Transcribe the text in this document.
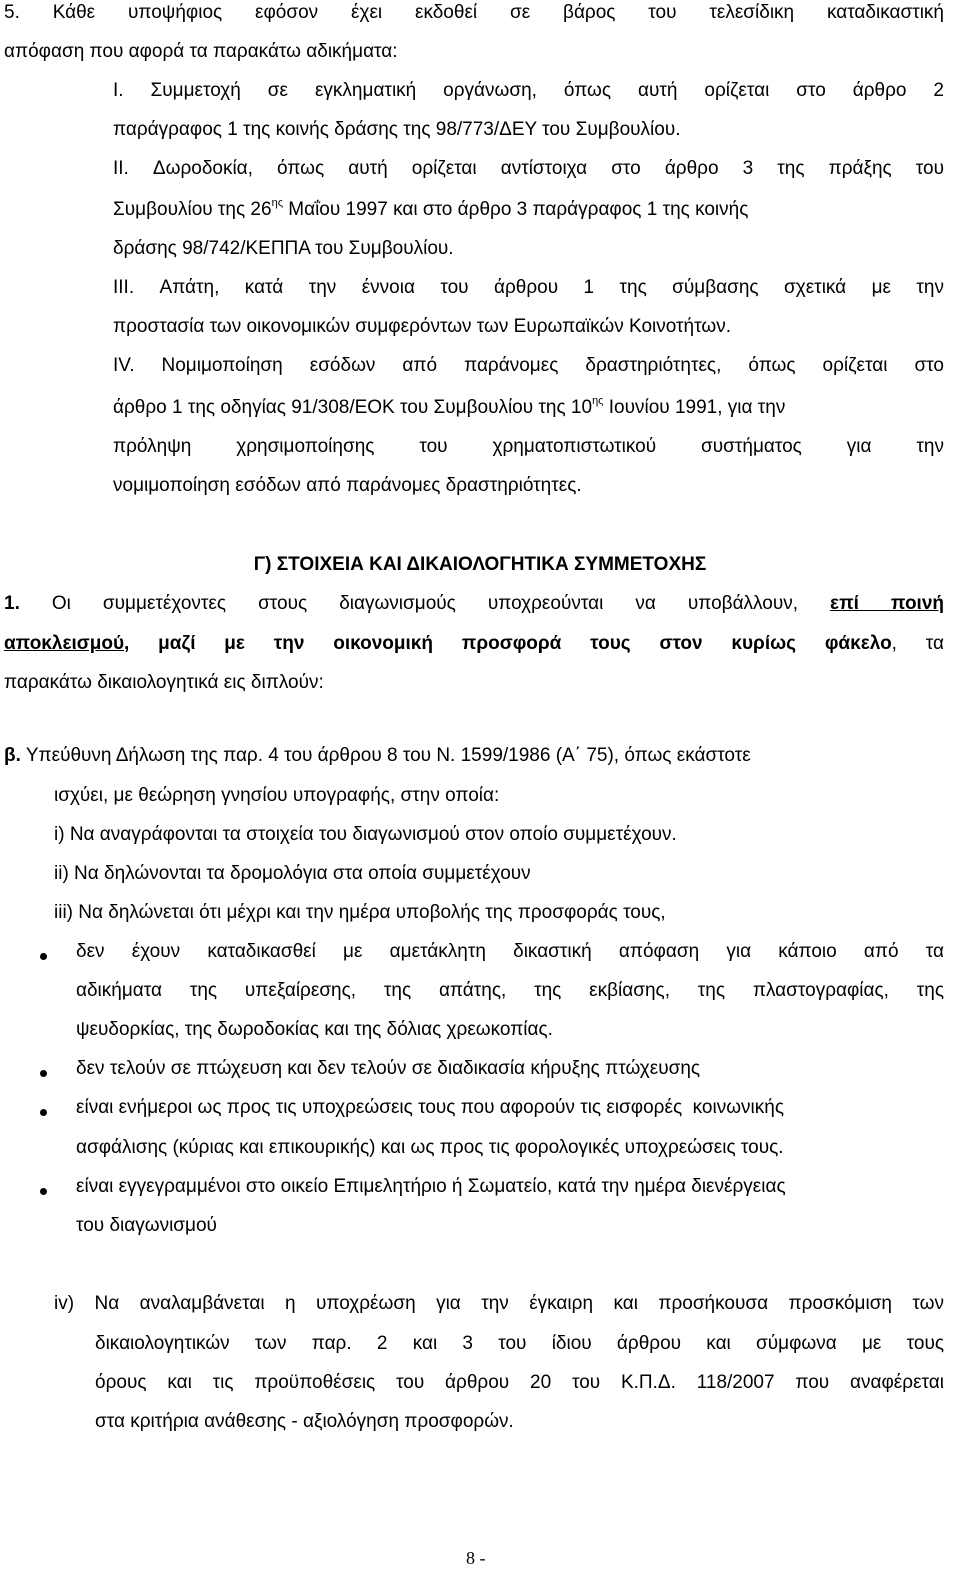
5. Κάθε υποψήφιος εφόσον έχει εκδοθεί σε βάρος του τελεσίδικη καταδικαστική
απόφαση που αφορά τα παρακάτω αδικήματα:
I. Συμμετοχή σε εγκληματική οργάνωση, όπως αυτή ορίζεται στο άρθρο 2
παράγραφος 1 της κοινής δράσης της 98/773/ΔΕΥ του Συμβουλίου.
II. Δωροδοκία, όπως αυτή ορίζεται αντίστοιχα στο άρθρο 3 της πράξης του
Συμβουλίου της $26^{\eta\varsigma}$ Μαΐου 1997 και στο άρθρο 3 παράγραφος 1 της κοινής
δράσης 98/742/ΚΕΠΠΑ του Συμβουλίου.
III. Απάτη, κατά την έννοια του άρθρου 1 της σύμβασης σχετικά με την
προστασία των οικονομικών συμφερόντων των Ευρωπαϊκών Κοινοτήτων.
IV. Νομιμοποίηση εσόδων από παράνομες δραστηριότητες, όπως ορίζεται στο
άρθρο 1 της οδηγίας 91/308/ΕΟΚ του Συμβουλίου της $10^{\eta\varsigma}$ Ιουνίου 1991, για την
πρόληψη χρησιμοποίησης του χρηματοπιστωτικού συστήματος για την
νομιμοποίηση εσόδων από παράνομες δραστηριότητες.
Γ) ΣΤΟΙΧΕΙΑ ΚΑΙ ΔΙΚΑΙΟΛΟΓΗΤΙΚΑ ΣΥΜΜΕΤΟΧΗΣ
1. Οι συμμετέχοντες στους διαγωνισμούς υποχρεούνται να υποβάλλουν, επί ποινή
αποκλεισμού, μαζί με την οικονομική προσφορά τους στον κυρίως φάκελο, τα
παρακάτω δικαιολογητικά εις διπλούν:
β. Υπεύθυνη Δήλωση της παρ. 4 του άρθρου 8 του Ν. 1599/1986 (Α΄ 75), όπως εκάστοτε
ισχύει, με θεώρηση γνησίου υπογραφής, στην οποία:
i) Να αναγράφονται τα στοιχεία του διαγωνισμού στον οποίο συμμετέχουν.
ii) Να δηλώνονται τα δρομολόγια στα οποία συμμετέχουν
iii) Να δηλώνεται ότι μέχρι και την ημέρα υποβολής της προσφοράς τους,
δεν έχουν καταδικασθεί με αμετάκλητη δικαστική απόφαση για κάποιο από τα
αδικήματα της υπεξαίρεσης, της απάτης, της εκβίασης, της πλαστογραφίας, της
ψευδορκίας, της δωροδοκίας και της δόλιας χρεωκοπίας.
δεν τελούν σε πτώχευση και δεν τελούν σε διαδικασία κήρυξης πτώχευσης
είναι ενήμεροι ως προς τις υποχρεώσεις τους που αφορούν τις εισφορές  κοινωνικής
ασφάλισης (κύριας και επικουρικής) και ως προς τις φορολογικές υποχρεώσεις τους.
είναι εγγεγραμμένοι στο οικείο Επιμελητήριο ή Σωματείο, κατά την ημέρα διενέργειας
του διαγωνισμού
iv) Να αναλαμβάνεται η υποχρέωση για την έγκαιρη και προσήκουσα προσκόμιση των
δικαιολογητικών των παρ. 2 και 3 του ίδιου άρθρου και σύμφωνα με τους
όρους και τις προϋποθέσεις του άρθρου 20 του Κ.Π.Δ. 118/2007 που αναφέρεται
στα κριτήρια ανάθεσης - αξιολόγηση προσφορών.
8 -
